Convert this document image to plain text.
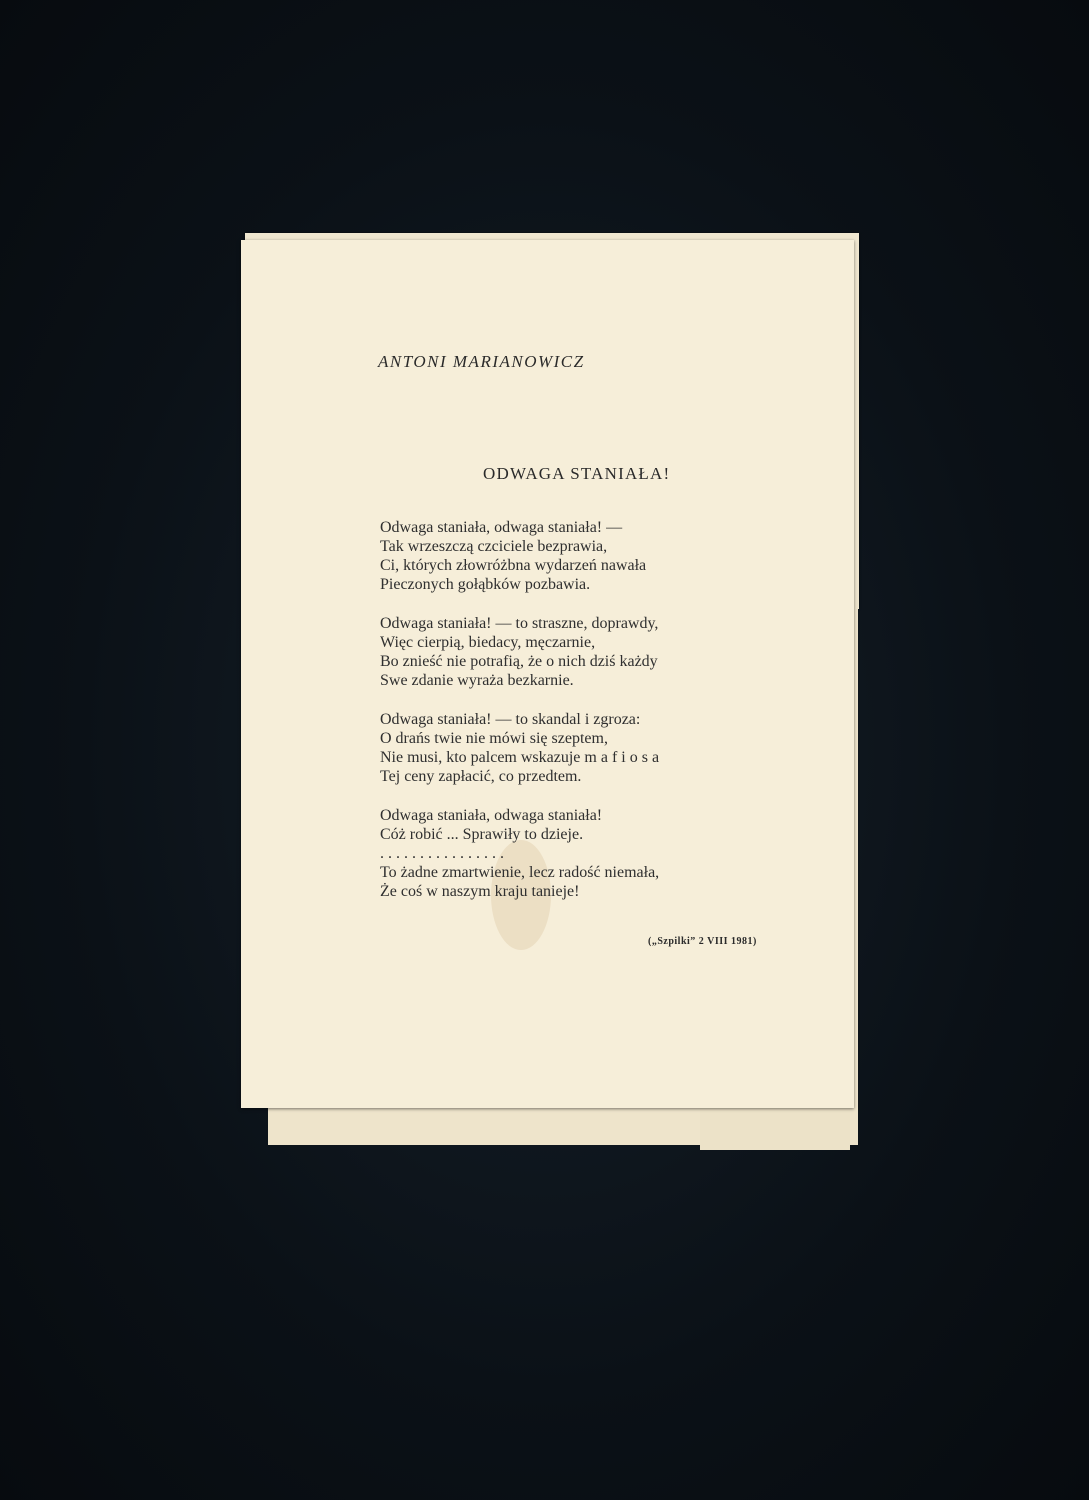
ANTONI MARIANOWICZ
ODWAGA STANIAŁA!
Odwaga staniała, odwaga staniała! —
Tak wrzeszczą czciciele bezprawia,
Ci, których złowróżbna wydarzeń nawała
Pieczonych gołąbków pozbawia.
Odwaga staniała! — to straszne, doprawdy,
Więc cierpią, biedacy, męczarnie,
Bo znieść nie potrafią, że o nich dziś każdy
Swe zdanie wyraża bezkarnie.
Odwaga staniała! — to skandal i zgroza:
O drańs twie nie mówi się szeptem,
Nie musi, kto palcem wskazuje m a f i o s a
Tej ceny zapłacić, co przedtem.
Odwaga staniała, odwaga staniała!
Cóż robić ... Sprawiły to dzieje.
. . . . . . . . . . . . . . . .
To żadne zmartwienie, lecz radość niemała,
Że coś w naszym kraju tanieje!
(„Szpilki” 2 VIII 1981)
